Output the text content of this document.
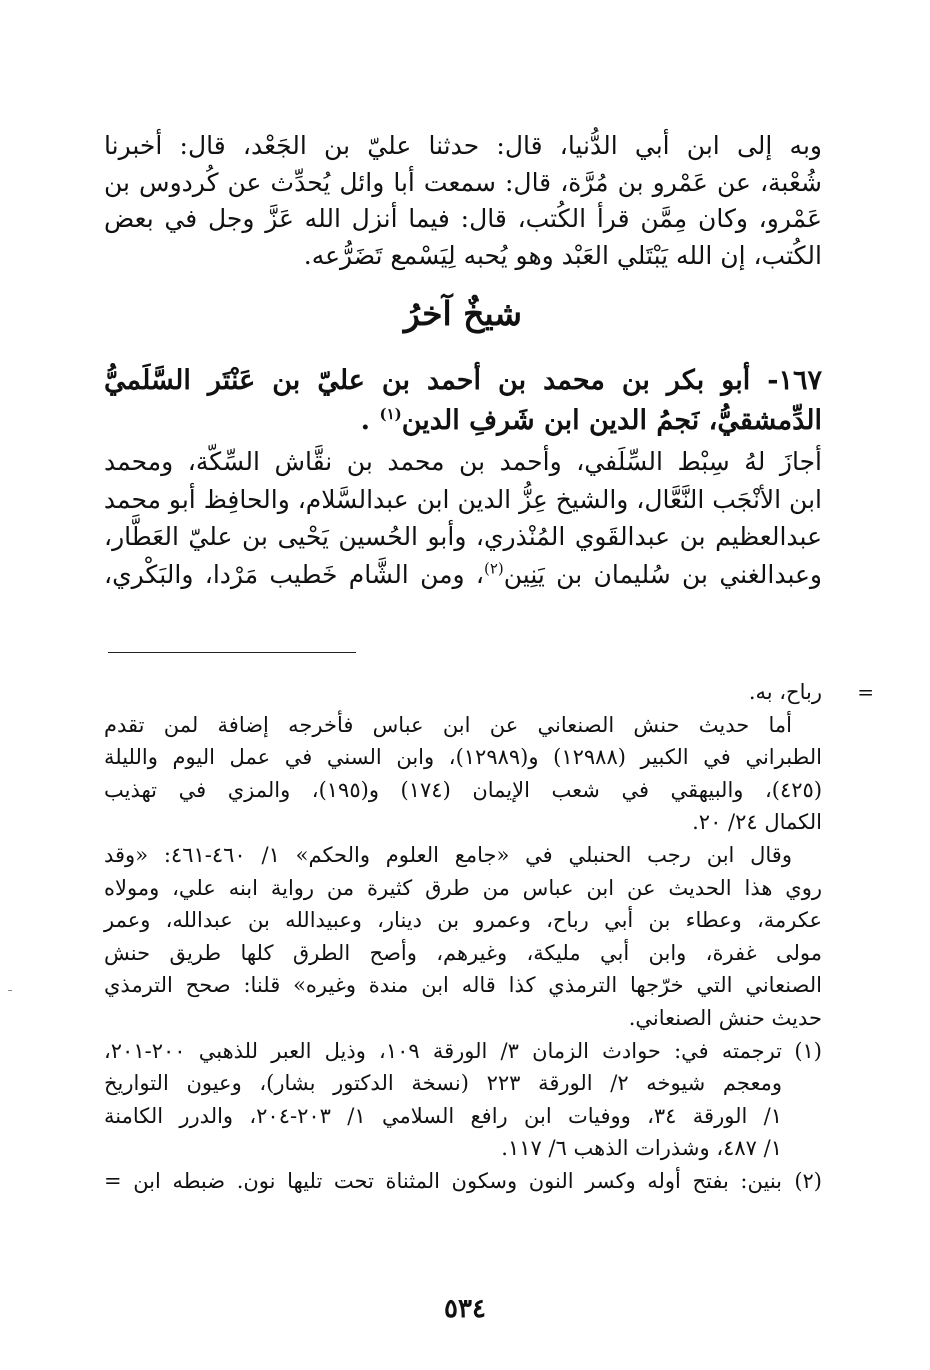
وبه إلى ابن أبي الدُّنيا، قال: حدثنا عليّ بن الجَعْد، قال: أخبرنا
شُعْبة، عن عَمْرو بن مُرَّة، قال: سمعت أبا وائل يُحدِّث عن كُردوس بن
عَمْرو، وكان مِمَّن قرأ الكُتب، قال: فيما أنزل الله عَزَّ وجل في بعض
الكُتب، إن الله يَبْتَلي العَبْد وهو يُحبه لِيَسْمع تَضَرُّعه.
شيخٌ آخرُ
١٦٧- أبو بكر بن محمد بن أحمد بن عليّ بن عَنْتَر السَّلَميُّ
الدِّمشقيُّ، نَجمُ الدين ابن شَرفِ الدين$^{(١)}$ .
أجازَ لهُ سِبْط السِّلَفي، وأحمد بن محمد بن نقَّاش السِّكّة، ومحمد
ابن الأنْجَب النَّعَّال، والشيخ عِزُّ الدين ابن عبدالسَّلام، والحافِظ أبو محمد
عبدالعظيم بن عبدالقَوي المُنْذري، وأبو الحُسين يَحْيى بن عليّ العَطَّار،
وعبدالغني بن سُليمان بن يَنِين$^{(٢)}$، ومن الشَّام خَطيب مَرْدا، والبَكْري،
=
رباح، به.
أما حديث حنش الصنعاني عن ابن عباس فأخرجه إضافة لمن تقدم
الطبراني في الكبير (١٢٩٨٨) و(١٢٩٨٩)، وابن السني في عمل اليوم والليلة
(٤٢٥)، والبيهقي في شعب الإيمان (١٧٤) و(١٩٥)، والمزي في تهذيب
الكمال ٢٤/ ٢٠.
وقال ابن رجب الحنبلي في «جامع العلوم والحكم» ١/ ٤٦٠-٤٦١: «وقد
روي هذا الحديث عن ابن عباس من طرق كثيرة من رواية ابنه علي، ومولاه
عكرمة، وعطاء بن أبي رباح، وعمرو بن دينار، وعبيدالله بن عبدالله، وعمر
مولى غفرة، وابن أبي مليكة، وغيرهم، وأصح الطرق كلها طريق حنش
الصنعاني التي خرّجها الترمذي كذا قاله ابن مندة وغيره» قلنا: صحح الترمذي
حديث حنش الصنعاني.
(١)
ترجمته في: حوادث الزمان ٣/ الورقة ١٠٩، وذيل العبر للذهبي ٢٠٠-٢٠١،
ومعجم شيوخه ٢/ الورقة ٢٢٣ (نسخة الدكتور بشار)، وعيون التواريخ
١/ الورقة ٣٤، ووفيات ابن رافع السلامي ١/ ٢٠٣-٢٠٤، والدرر الكامنة
١/ ٤٨٧، وشذرات الذهب ٦/ ١١٧.
(٢)
بنين: بفتح أوله وكسر النون وسكون المثناة تحت تليها نون. ضبطه ابن =
٥٣٤
